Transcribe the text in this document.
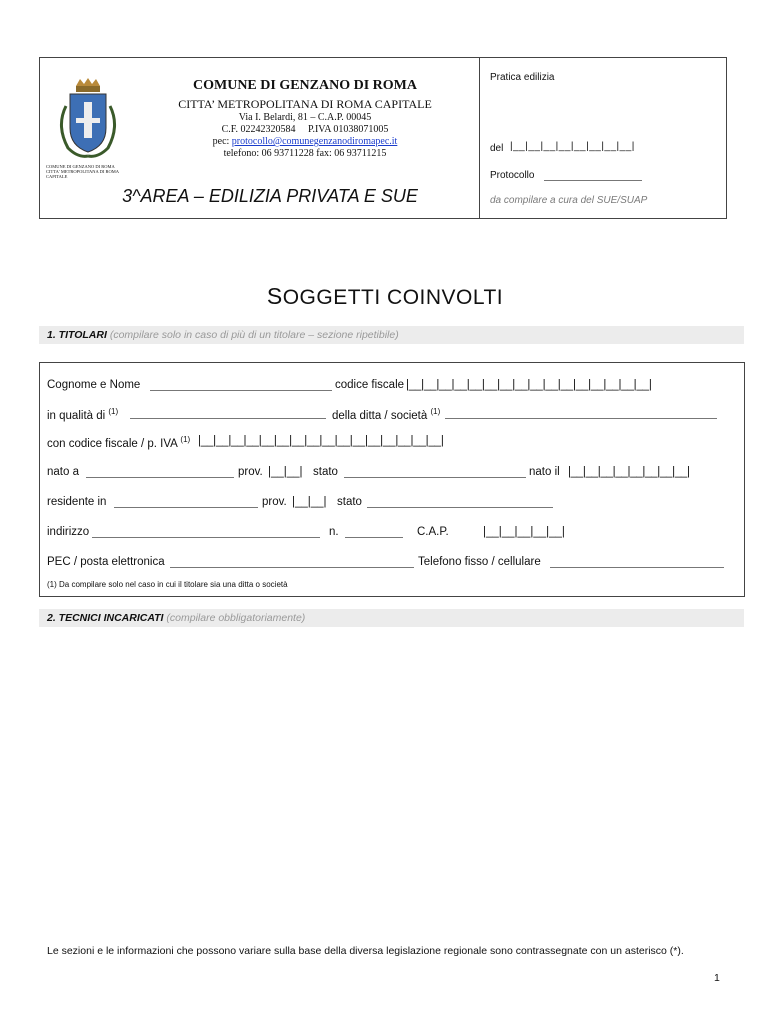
COMUNE DI GENZANO DI ROMA
CITTA' METROPOLITANA DI ROMA CAPITALE
COMUNE DI GENZANO DI ROMA
CITTA’ METROPOLITANA DI ROMA CAPITALE
Via I. Belardi, 81 – C.A.P. 00045
C.F. 02242320584     P.IVA 01038071005
pec: protocollo@comunegenzanodiromapec.it
telefono: 06 93711228 fax: 06 93711215
3^AREA – EDILIZIA PRIVATA E SUE
Pratica edilizia
del |__|__|__|__|__|__|__|__|
Protocollo
da compilare a cura del SUE/SUAP
SOGGETTI COINVOLTI
1. TITOLARI (compilare solo in caso di più di un titolare – sezione ripetibile)
Cognome e Nome	codice fiscale |__|__|__|__|__|__|__|__|__|__|__|__|__|__|__|__|
in qualità di $^{(1)}$	della ditta / società $^{(1)}$
con codice fiscale / p. IVA $^{(1)}$ |__|__|__|__|__|__|__|__|__|__|__|__|__|__|__|__|
nato a	prov. |__|__| stato	nato il |__|__|__|__|__|__|__|__|
residente in	prov. |__|__| stato
indirizzo	n.	C.A.P.	|__|__|__|__|__|
PEC / posta elettronica	Telefono fisso / cellulare
(1) Da compilare solo nel caso in cui il titolare sia una ditta o società
2. TECNICI INCARICATI (compilare obbligatoriamente)
Le sezioni e le informazioni che possono variare sulla base della diversa legislazione regionale sono contrassegnate con un asterisco (*).
1
